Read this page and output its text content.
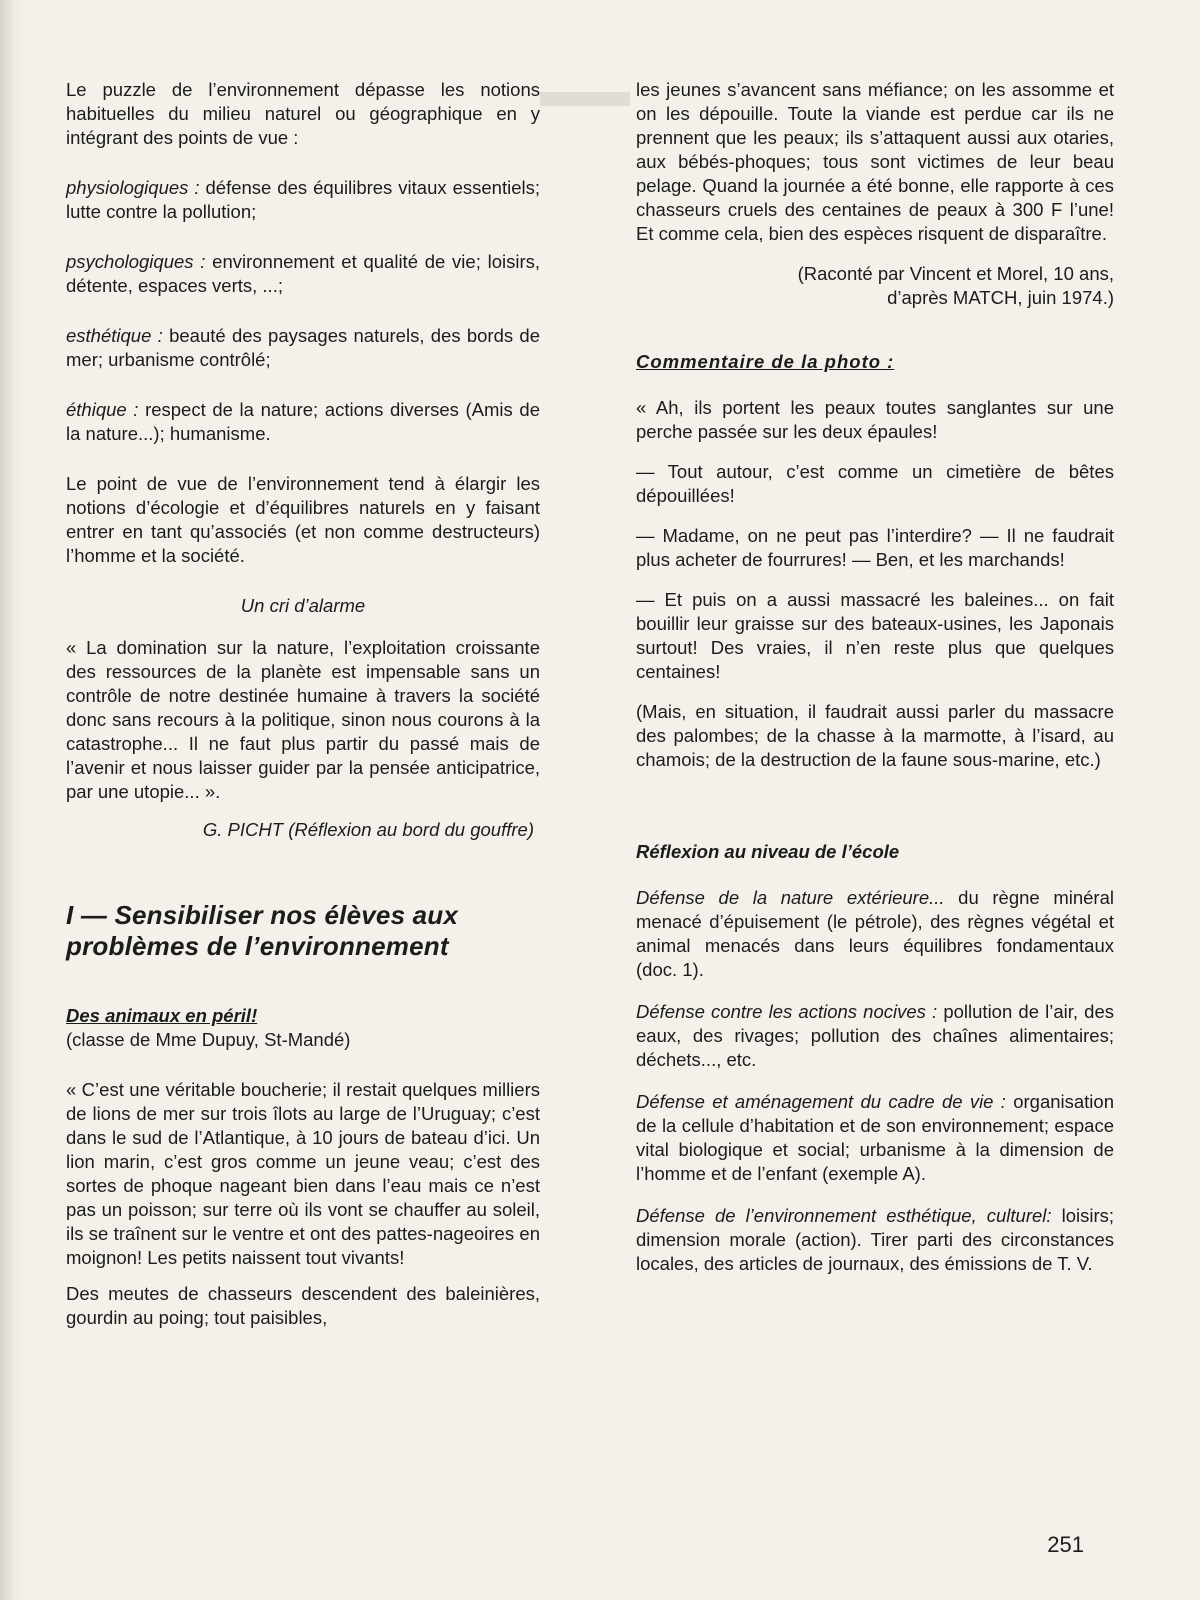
Le puzzle de l’environnement dépasse les notions habituelles du milieu naturel ou géographique en y intégrant des points de vue :

physiologiques : défense des équilibres vitaux essentiels; lutte contre la pollution;

psychologiques : environnement et qualité de vie; loisirs, détente, espaces verts, ...;

esthétique : beauté des paysages naturels, des bords de mer; urbanisme contrôlé;

éthique : respect de la nature; actions diverses (Amis de la nature...); humanisme.

Le point de vue de l’environnement tend à élargir les notions d’écologie et d’équilibres naturels en y faisant entrer en tant qu’associés (et non comme destructeurs) l’homme et la société.

Un cri d’alarme

« La domination sur la nature, l’exploitation croissante des ressources de la planète est impensable sans un contrôle de notre destinée humaine à travers la société donc sans recours à la politique, sinon nous courons à la catastrophe... Il ne faut plus partir du passé mais de l’avenir et nous laisser guider par la pensée anticipatrice, par une utopie... ».

G. PICHT (Réflexion au bord du gouffre)

I — Sensibiliser nos élèves aux problèmes de l’environnement

Des animaux en péril!

(classe de Mme Dupuy, St-Mandé)

« C’est une véritable boucherie; il restait quelques milliers de lions de mer sur trois îlots au large de l’Uruguay; c’est dans le sud de l’Atlantique, à 10 jours de bateau d’ici. Un lion marin, c’est gros comme un jeune veau; c’est des sortes de phoque nageant bien dans l’eau mais ce n’est pas un poisson; sur terre où ils vont se chauffer au soleil, ils se traînent sur le ventre et ont des pattes-nageoires en moignon! Les petits naissent tout vivants!

Des meutes de chasseurs descendent des baleinières, gourdin au poing; tout paisibles,

les jeunes s’avancent sans méfiance; on les assomme et on les dépouille. Toute la viande est perdue car ils ne prennent que les peaux; ils s’attaquent aussi aux otaries, aux bébés-phoques; tous sont victimes de leur beau pelage. Quand la journée a été bonne, elle rapporte à ces chasseurs cruels des centaines de peaux à 300 F l’une! Et comme cela, bien des espèces risquent de disparaître.

(Raconté par Vincent et Morel, 10 ans,

d’après MATCH, juin 1974.)

Commentaire de la photo :

« Ah, ils portent les peaux toutes sanglantes sur une perche passée sur les deux épaules!

— Tout autour, c’est comme un cimetière de bêtes dépouillées!

— Madame, on ne peut pas l’interdire? — Il ne faudrait plus acheter de fourrures! — Ben, et les marchands!

— Et puis on a aussi massacré les baleines... on fait bouillir leur graisse sur des bateaux-usines, les Japonais surtout! Des vraies, il n’en reste plus que quelques centaines!

(Mais, en situation, il faudrait aussi parler du massacre des palombes; de la chasse à la marmotte, à l’isard, au chamois; de la destruction de la faune sous-marine, etc.)

Réflexion au niveau de l’école

Défense de la nature extérieure... du règne minéral menacé d’épuisement (le pétrole), des règnes végétal et animal menacés dans leurs équilibres fondamentaux (doc. 1).

Défense contre les actions nocives : pollution de l’air, des eaux, des rivages; pollution des chaînes alimentaires; déchets..., etc.

Défense et aménagement du cadre de vie : organisation de la cellule d’habitation et de son environnement; espace vital biologique et social; urbanisme à la dimension de l’homme et de l’enfant (exemple A).

Défense de l’environnement esthétique, culturel: loisirs; dimension morale (action). Tirer parti des circonstances locales, des articles de journaux, des émissions de T. V.

251
